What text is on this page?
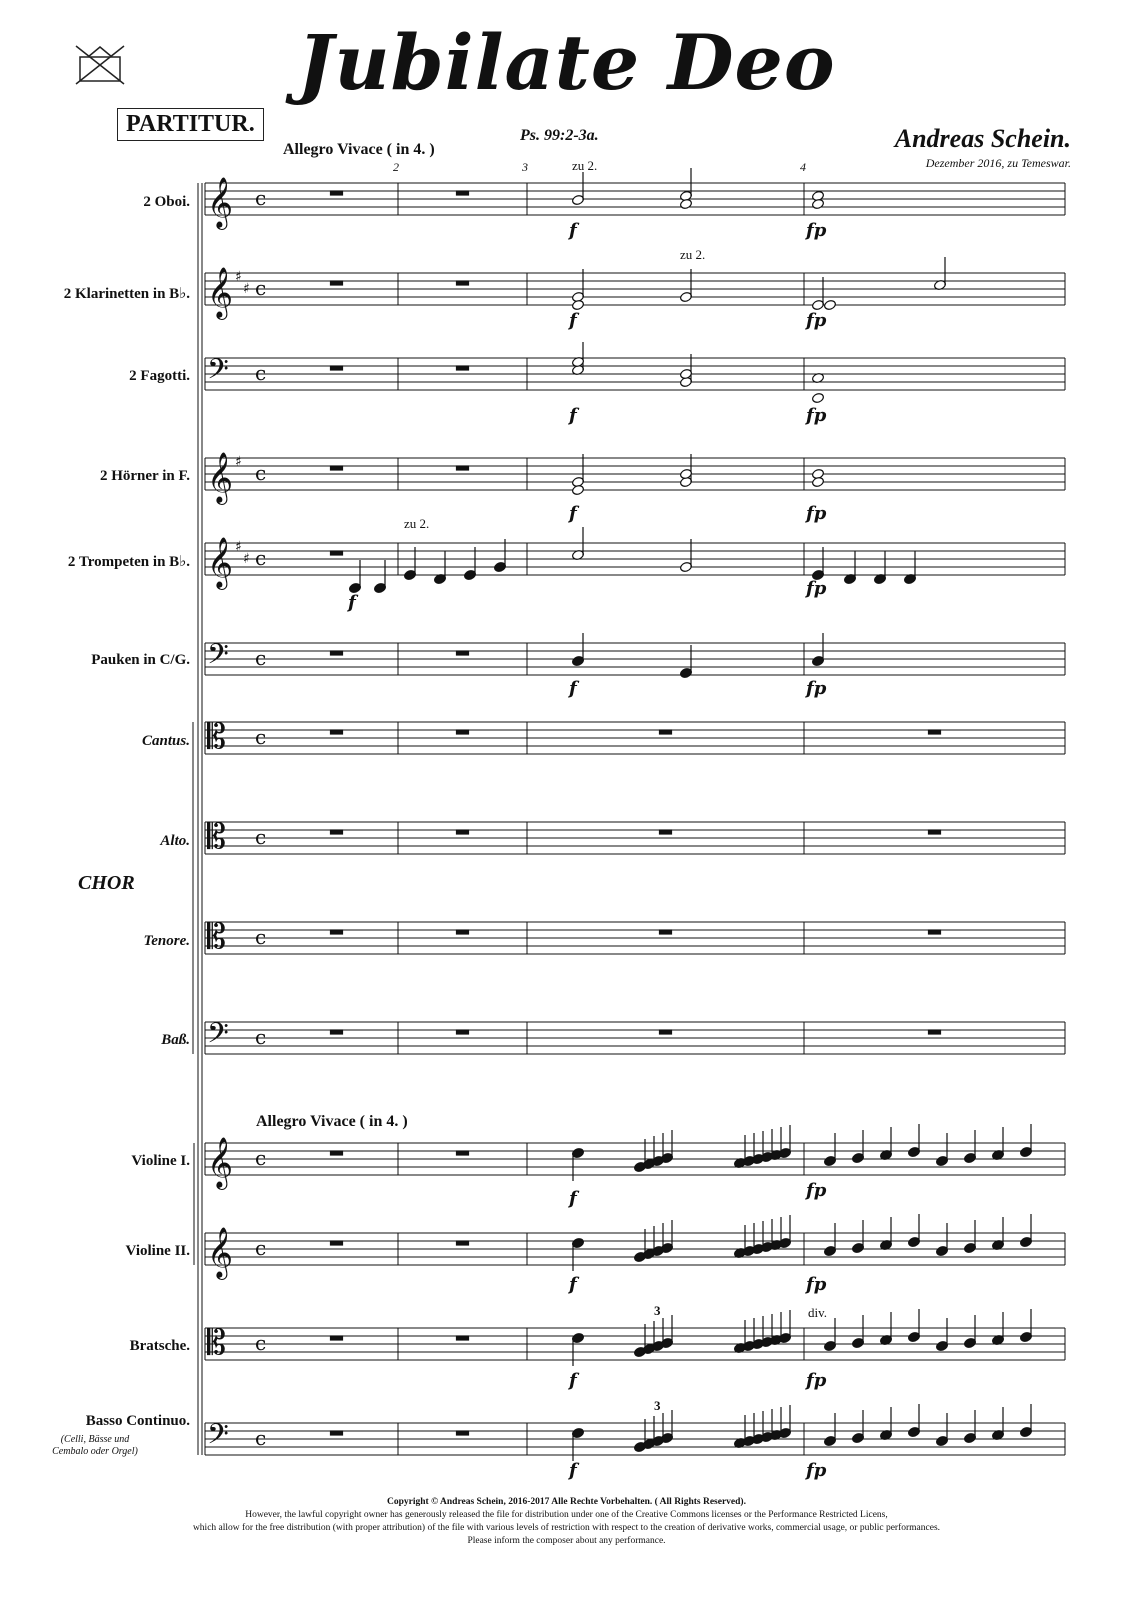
𝄞 c
𝄞 c
𝄢 c
𝄞 c
𝄞 c
𝄢 c
𝄡 c
𝄡 c
𝄡 c
𝄢 c
𝄞 c
𝄞 c
𝄡 c
𝄢 c
♯
♯
♯
♯
♯
Jubilate Deo
PARTITUR.	Ps. 99:2-3a.	Andreas Schein.
Dezember 2016, zu Temeswar.
Allegro Vivace ( in 4. )
Allegro Vivace ( in 4. )
2	3	4
2 Oboi.
2 Klarinetten in B♭.
2 Fagotti.
2 Hörner in F.
2 Trompeten in B♭.
Pauken in C/G.
Cantus.
Alto.
Tenore.
Baß.
Violine I.
Violine II.
Bratsche.
Basso Continuo.
CHOR
(Celli, Bässe und
Cembalo oder Orgel)
zu 2.
zu 2.
zu 2.
div.
f	fp
f	fp
f	fp
f	fp
f
fp
f	fp
f	fp
f	fp
f	fp
f	fp
3
3
Copyright © Andreas Schein, 2016-2017 Alle Rechte Vorbehalten. ( All Rights Reserved).
However, the lawful copyright owner has generously released the file for distribution under one of the Creative Commons licenses or the Performance Restricted Licens,
which allow for the free distribution (with proper attribution) of the file with various levels of restriction with respect to the creation of derivative works, commercial usage, or public performances.
Please inform the composer about any performance.
